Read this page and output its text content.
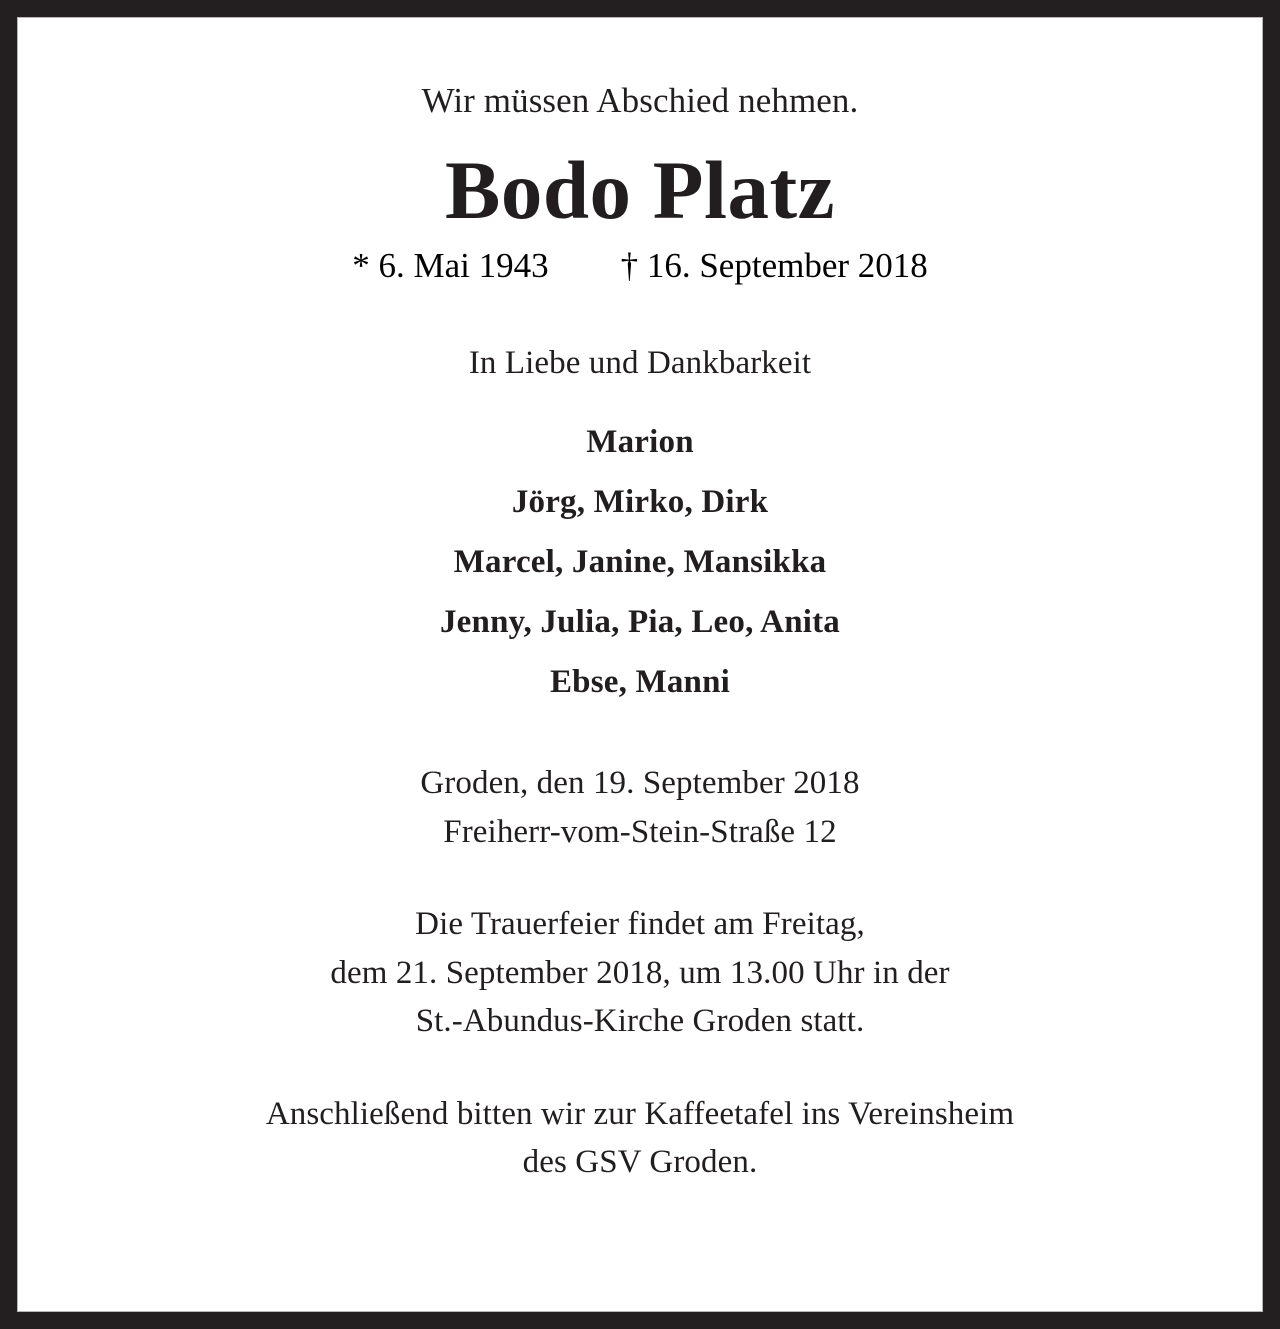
Wir müssen Abschied nehmen.
Bodo Platz
* 6. Mai 1943 † 16. September 2018
In Liebe und Dankbarkeit
Marion
Jörg, Mirko, Dirk
Marcel, Janine, Mansikka
Jenny, Julia, Pia, Leo, Anita
Ebse, Manni
Groden, den 19. September 2018
Freiherr-vom-Stein-Straße 12
Die Trauerfeier findet am Freitag,
dem 21. September 2018, um 13.00 Uhr in der
St.-Abundus-Kirche Groden statt.
Anschließend bitten wir zur Kaffeetafel ins Vereinsheim
des GSV Groden.
